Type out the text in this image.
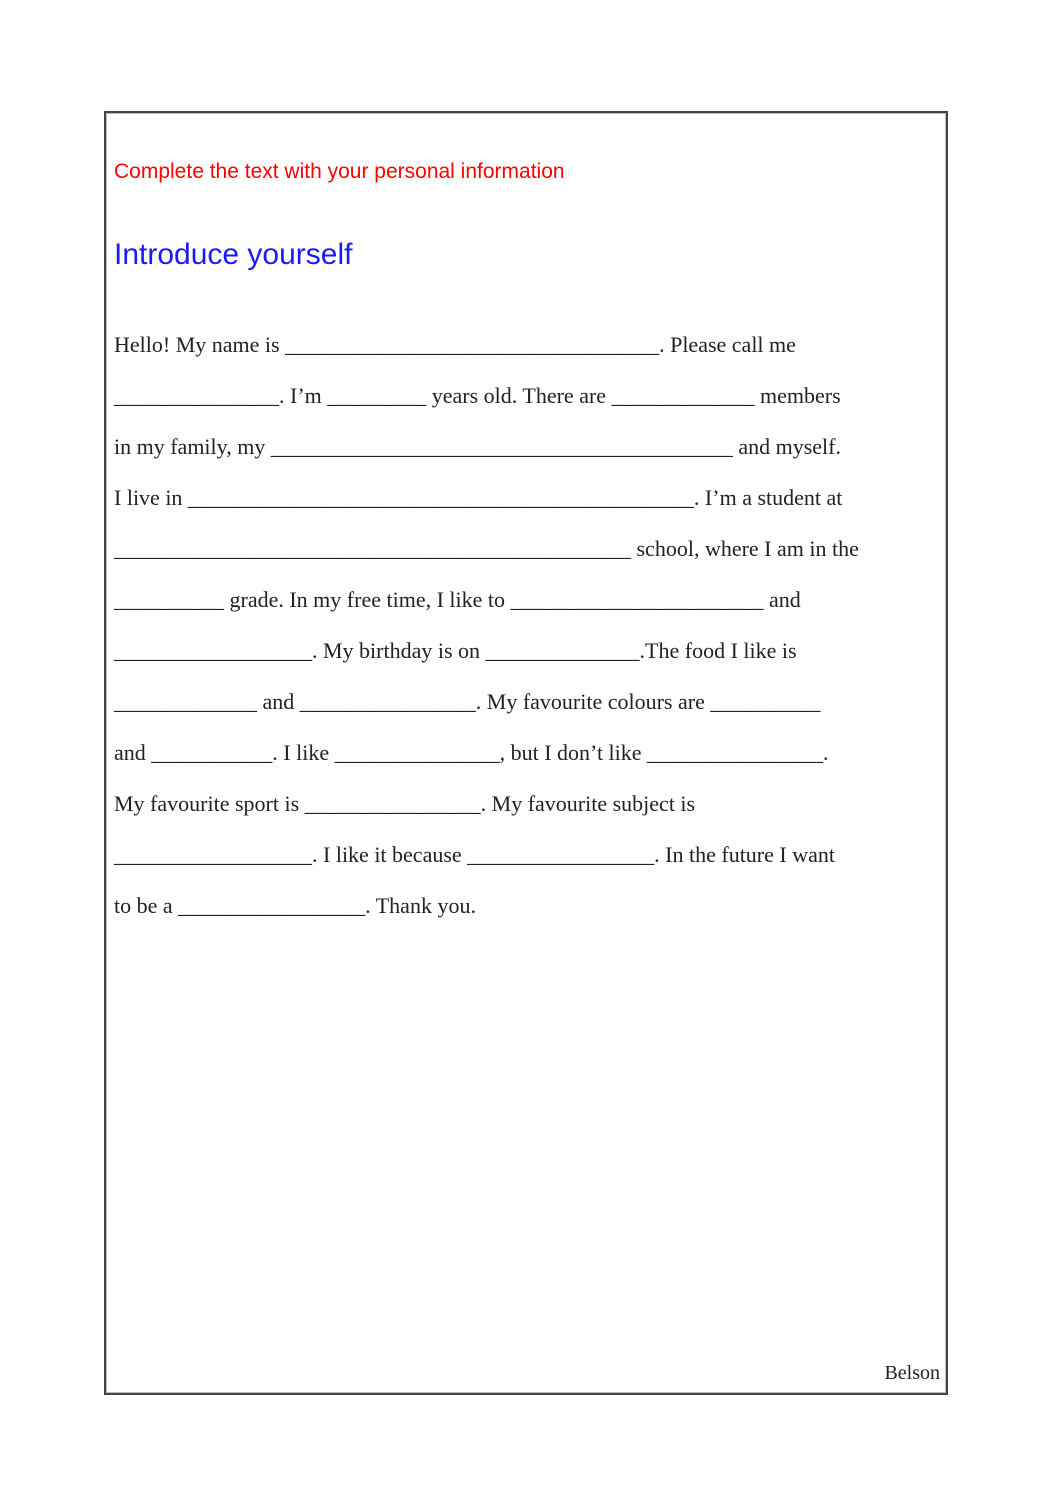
Complete the text with your personal information
Introduce yourself
Hello! My name is __________________________________. Please call me
_______________. I’m _________ years old. There are _____________ members
in my family, my __________________________________________ and myself.
I live in ______________________________________________. I’m a student at
_______________________________________________ school, where I am in the
__________ grade. In my free time, I like to _______________________ and
__________________. My birthday is on ______________.The food I like is
_____________ and ________________. My favourite colours are __________
and ___________. I like _______________, but I don’t like ________________.
My favourite sport is ________________. My favourite subject is
__________________. I like it because _________________. In the future I want
to be a _________________. Thank you.
Belson
